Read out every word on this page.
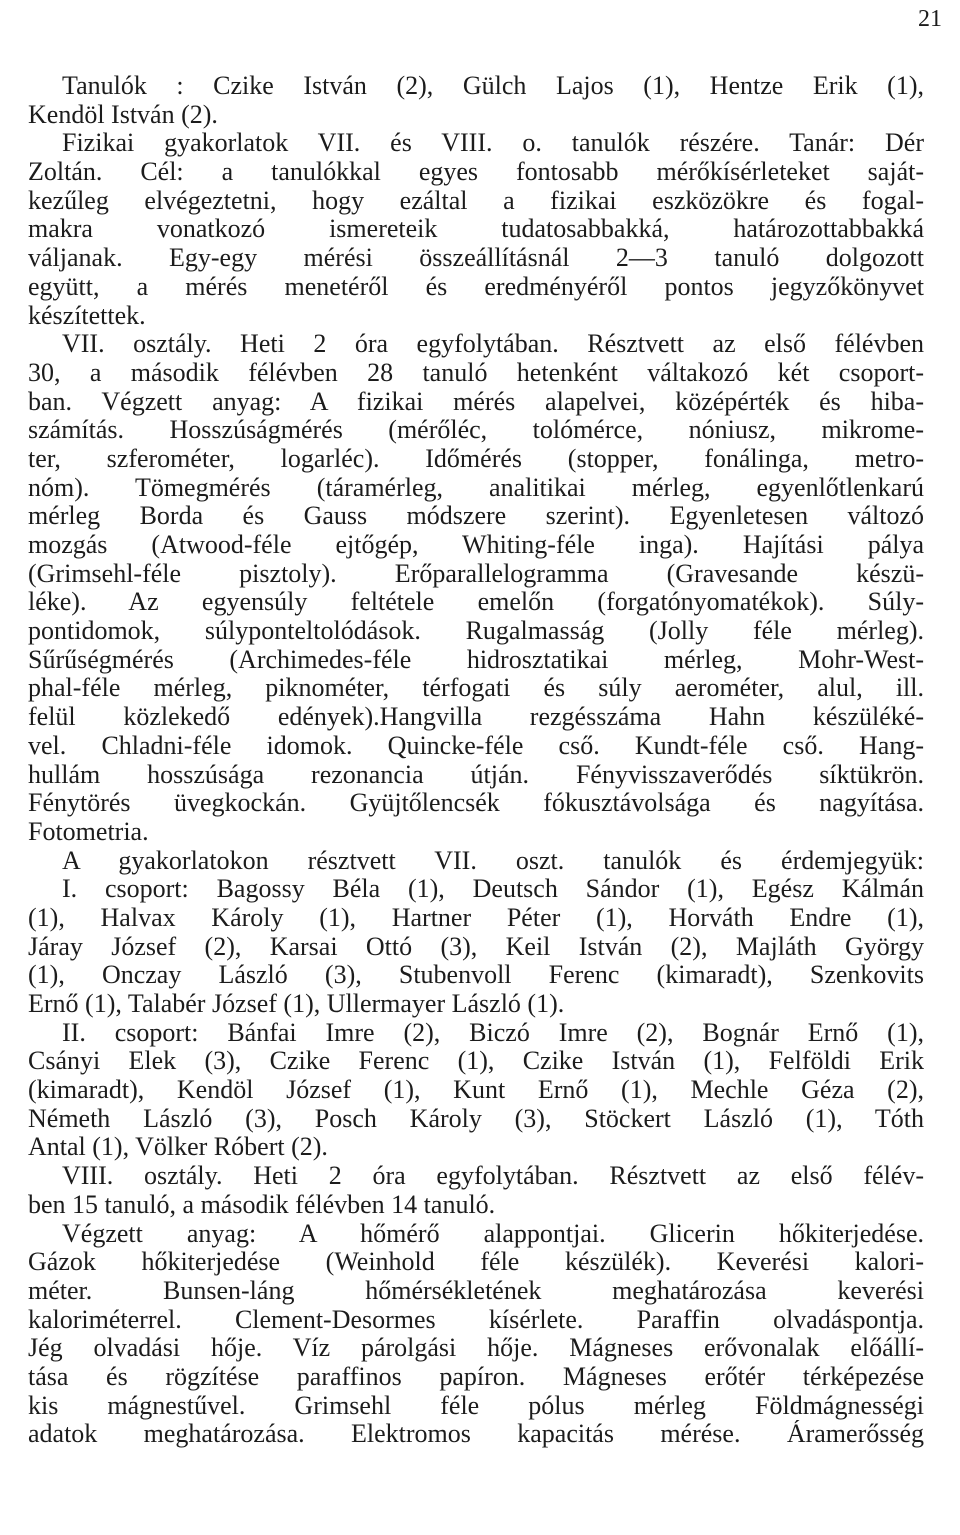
21
Tanulók : Czike István (2), Gülch Lajos (1), Hentze Erik (1),
Kendöl István (2).
Fizikai gyakorlatok VII. és VIII. o. tanulók részére. Tanár: Dér
Zoltán. Cél: a tanulókkal egyes fontosabb mérőkísérleteket saját-
kezűleg elvégeztetni, hogy ezáltal a fizikai eszközökre és fogal-
makra vonatkozó ismereteik tudatosabbakká, határozottabbakká
váljanak. Egy-egy mérési összeállításnál 2—3 tanuló dolgozott
együtt, a mérés menetéről és eredményéről pontos jegyzőkönyvet
készítettek.
VII. osztály. Heti 2 óra egyfolytában. Résztvett az első félévben
30, a második félévben 28 tanuló hetenként váltakozó két csoport-
ban. Végzett anyag: A fizikai mérés alapelvei, középérték és hiba-
számítás. Hosszúságmérés (mérőléc, tolómérce, nóniusz, mikrome-
ter, szferométer, logarléc). Időmérés (stopper, fonálinga, metro-
nóm). Tömegmérés (táramérleg, analitikai mérleg, egyenlőtlenkarú
mérleg Borda és Gauss módszere szerint). Egyenletesen változó
mozgás (Atwood-féle ejtőgép, Whiting-féle inga). Hajítási pálya
(Grimsehl-féle pisztoly). Erőparallelogramma (Gravesande készü-
léke). Az egyensúly feltétele emelőn (forgatónyomatékok). Súly-
pontidomok, súlyponteltolódások. Rugalmasság (Jolly féle mérleg).
Sűrűségmérés (Archimedes-féle hidrosztatikai mérleg, Mohr-West-
phal-féle mérleg, piknométer, térfogati és súly aerométer, alul, ill.
felül közlekedő edények).Hangvilla rezgésszáma Hahn készüléké-
vel. Chladni-féle idomok. Quincke-féle cső. Kundt-féle cső. Hang-
hullám hosszúsága rezonancia útján. Fényvisszaverődés síktükrön.
Fénytörés üvegkockán. Gyüjtőlencsék fókusztávolsága és nagyítása.
Fotometria.
A gyakorlatokon résztvett VII. oszt. tanulók és érdemjegyük:
I. csoport: Bagossy Béla (1), Deutsch Sándor (1), Egész Kálmán
(1), Halvax Károly (1), Hartner Péter (1), Horváth Endre (1),
Járay József (2), Karsai Ottó (3), Keil István (2), Majláth György
(1), Onczay László (3), Stubenvoll Ferenc (kimaradt), Szenkovits
Ernő (1), Talabér József (1), Ullermayer László (1).
II. csoport: Bánfai Imre (2), Biczó Imre (2), Bognár Ernő (1),
Csányi Elek (3), Czike Ferenc (1), Czike István (1), Felföldi Erik
(kimaradt), Kendöl József (1), Kunt Ernő (1), Mechle Géza (2),
Németh László (3), Posch Károly (3), Stöckert László (1), Tóth
Antal (1), Völker Róbert (2).
VIII. osztály. Heti 2 óra egyfolytában. Résztvett az első félév-
ben 15 tanuló, a második félévben 14 tanuló.
Végzett anyag: A hőmérő alappontjai. Glicerin hőkiterjedése.
Gázok hőkiterjedése (Weinhold féle készülék). Keverési kalori-
méter. Bunsen-láng hőmérsékletének meghatározása keverési
kaloriméterrel. Clement-Desormes kísérlete. Paraffin olvadáspontja.
Jég olvadási hője. Víz párolgási hője. Mágneses erővonalak előállí-
tása és rögzítése paraffinos papíron. Mágneses erőtér térképezése
kis mágnestűvel. Grimsehl féle pólus mérleg Földmágnességi
adatok meghatározása. Elektromos kapacitás mérése. Áramerősség
